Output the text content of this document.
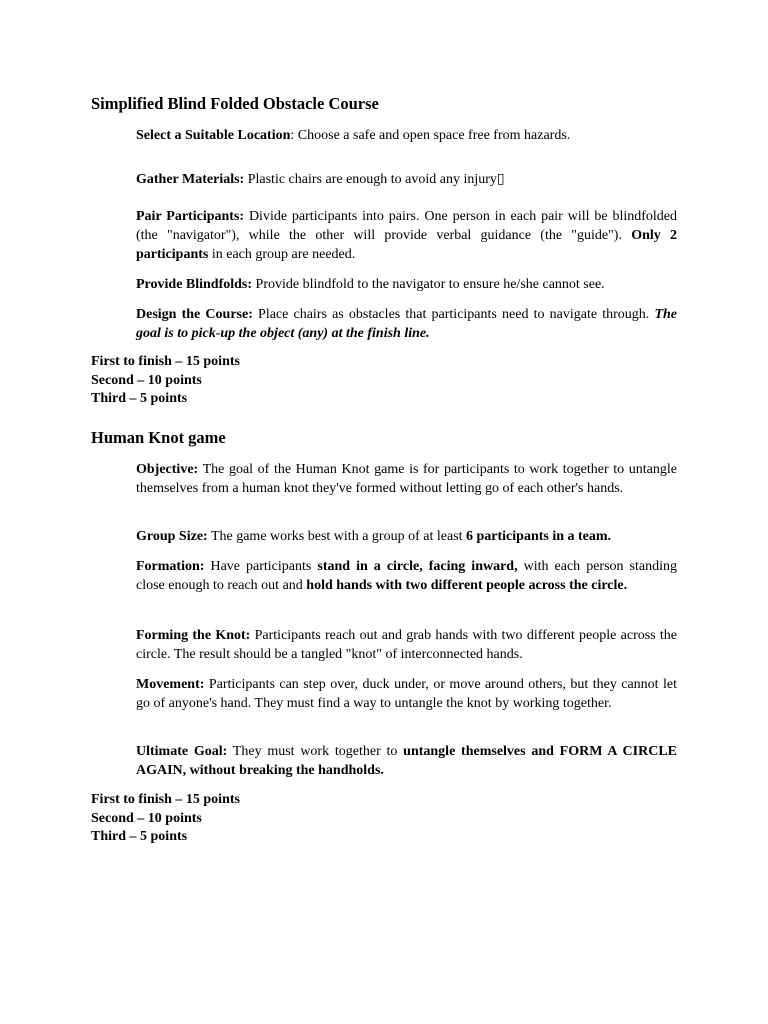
Simplified Blind Folded Obstacle Course

Select a Suitable Location: Choose a safe and open space free from hazards.

Gather Materials: Plastic chairs are enough to avoid any injury▯

Pair Participants: Divide participants into pairs. One person in each pair will be blindfolded (the "navigator"), while the other will provide verbal guidance (the "guide"). Only 2 participants in each group are needed.

Provide Blindfolds: Provide blindfold to the navigator to ensure he/she cannot see.

Design the Course: Place chairs as obstacles that participants need to navigate through. The goal is to pick-up the object (any) at the finish line.

First to finish – 15 points
Second – 10 points
Third – 5 points
Human Knot game

Objective: The goal of the Human Knot game is for participants to work together to untangle themselves from a human knot they've formed without letting go of each other's hands.

Group Size: The game works best with a group of at least 6 participants in a team.

Formation: Have participants stand in a circle, facing inward, with each person standing close enough to reach out and hold hands with two different people across the circle.

Forming the Knot: Participants reach out and grab hands with two different people across the circle. The result should be a tangled "knot" of interconnected hands.

Movement: Participants can step over, duck under, or move around others, but they cannot let go of anyone's hand. They must find a way to untangle the knot by working together.

Ultimate Goal: They must work together to untangle themselves and FORM A CIRCLE AGAIN, without breaking the handholds.

First to finish – 15 points
Second – 10 points
Third – 5 points
